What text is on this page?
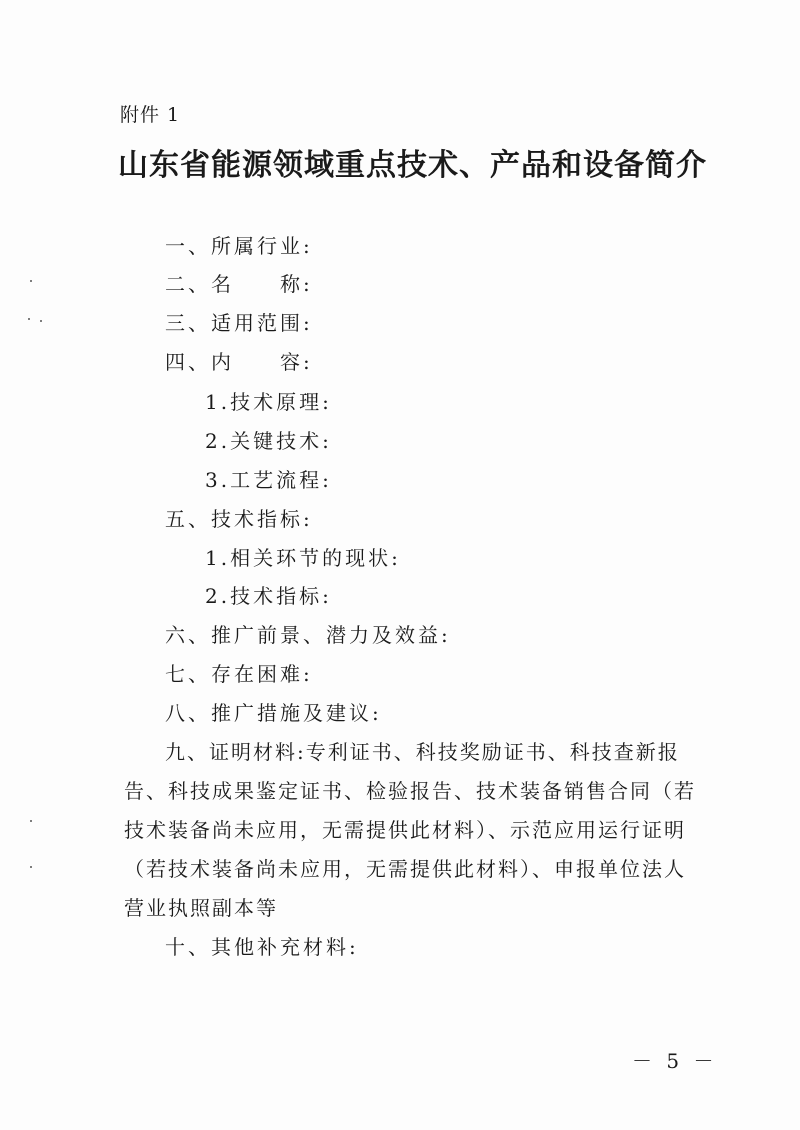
附件 1
山东省能源领域重点技术、产品和设备简介
一、所属行业:
二、名　　称:
三、适用范围:
四、内　　容:
1.技术原理:
2.关键技术:
3.工艺流程:
五、技术指标:
1.相关环节的现状:
2.技术指标:
六、推广前景、潜力及效益:
七、存在困难:
八、推广措施及建议:
九、证明材料:专利证书、科技奖励证书、科技查新报
告、科技成果鉴定证书、检验报告、技术装备销售合同（若
技术装备尚未应用，无需提供此材料）、示范应用运行证明
（若技术装备尚未应用，无需提供此材料）、申报单位法人
营业执照副本等
十、其他补充材料:
－ 5 －
